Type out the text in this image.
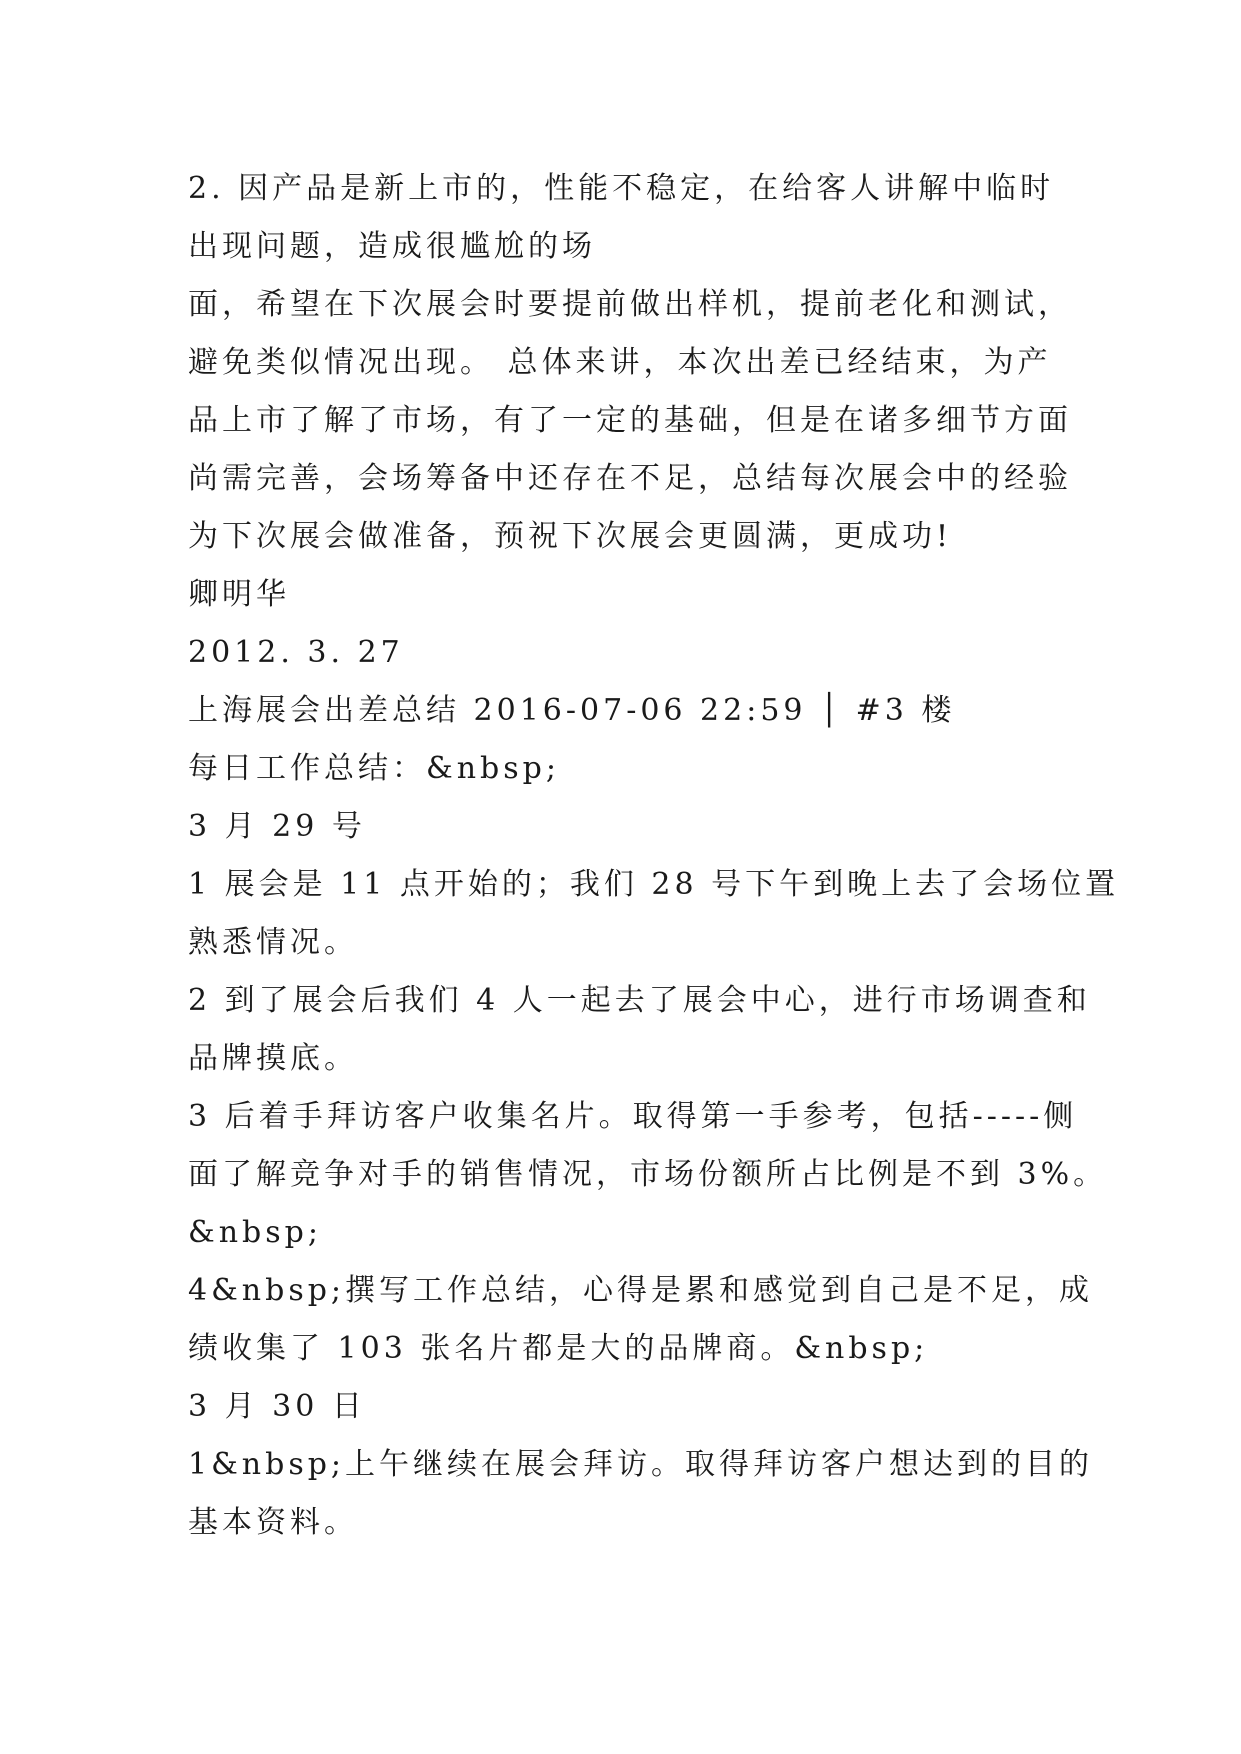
2. 因产品是新上市的，性能不稳定，在给客人讲解中临时
出现问题，造成很尴尬的场
面，希望在下次展会时要提前做出样机，提前老化和测试，
避免类似情况出现。 总体来讲，本次出差已经结束，为产
品上市了解了市场，有了一定的基础，但是在诸多细节方面
尚需完善，会场筹备中还存在不足，总结每次展会中的经验
为下次展会做准备，预祝下次展会更圆满，更成功!
卿明华
2012. 3. 27
上海展会出差总结 2016-07-06 22:59 │ #3 楼
每日工作总结：&nbsp;
3 月 29 号
1 展会是 11 点开始的；我们 28 号下午到晚上去了会场位置
熟悉情况。
2 到了展会后我们 4 人一起去了展会中心，进行市场调查和
品牌摸底。
3 后着手拜访客户收集名片。取得第一手参考，包括-----侧
面了解竞争对手的销售情况，市场份额所占比例是不到 3%。
&nbsp;
4&nbsp;撰写工作总结，心得是累和感觉到自己是不足，成
绩收集了 103 张名片都是大的品牌商。&nbsp;
3 月 30 日
1&nbsp;上午继续在展会拜访。取得拜访客户想达到的目的
基本资料。
